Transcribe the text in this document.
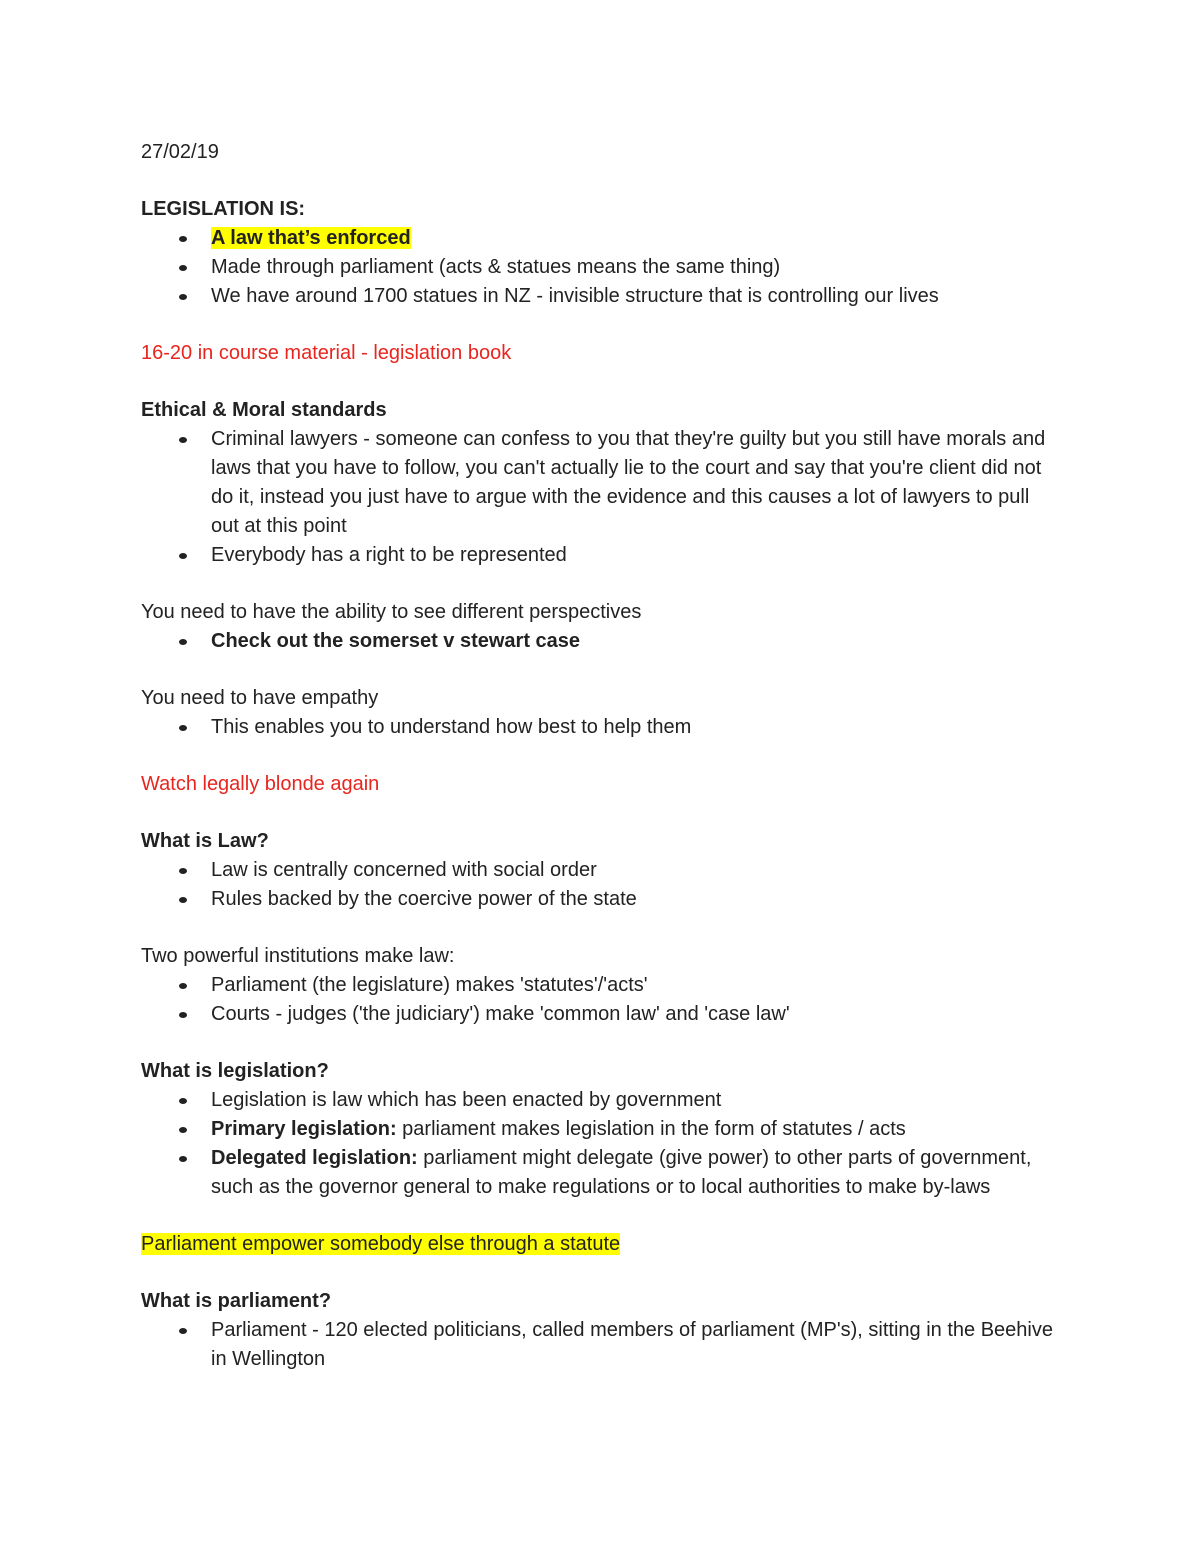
27/02/19

LEGISLATION IS:

A law that’s enforced
Made through parliament (acts & statues means the same thing)
We have around 1700 statues in NZ - invisible structure that is controlling our lives

16-20 in course material - legislation book

Ethical & Moral standards

Criminal lawyers - someone can confess to you that they're guilty but you still have morals and laws that you have to follow, you can't actually lie to the court and say that you're client did not do it, instead you just have to argue with the evidence and this causes a lot of lawyers to pull out at this point
Everybody has a right to be represented

You need to have the ability to see different perspectives

Check out the somerset v stewart case

You need to have empathy

This enables you to understand how best to help them

Watch legally blonde again

What is Law?

Law is centrally concerned with social order
Rules backed by the coercive power of the state

Two powerful institutions make law:

Parliament (the legislature) makes 'statutes'/'acts'
Courts - judges ('the judiciary') make 'common law' and 'case law'

What is legislation?

Legislation is law which has been enacted by government
Primary legislation: parliament makes legislation in the form of statutes / acts
Delegated legislation: parliament might delegate (give power) to other parts of government, such as the governor general to make regulations or to local authorities to make by-laws

Parliament empower somebody else through a statute

What is parliament?

Parliament - 120 elected politicians, called members of parliament (MP's), sitting in the Beehive in Wellington
